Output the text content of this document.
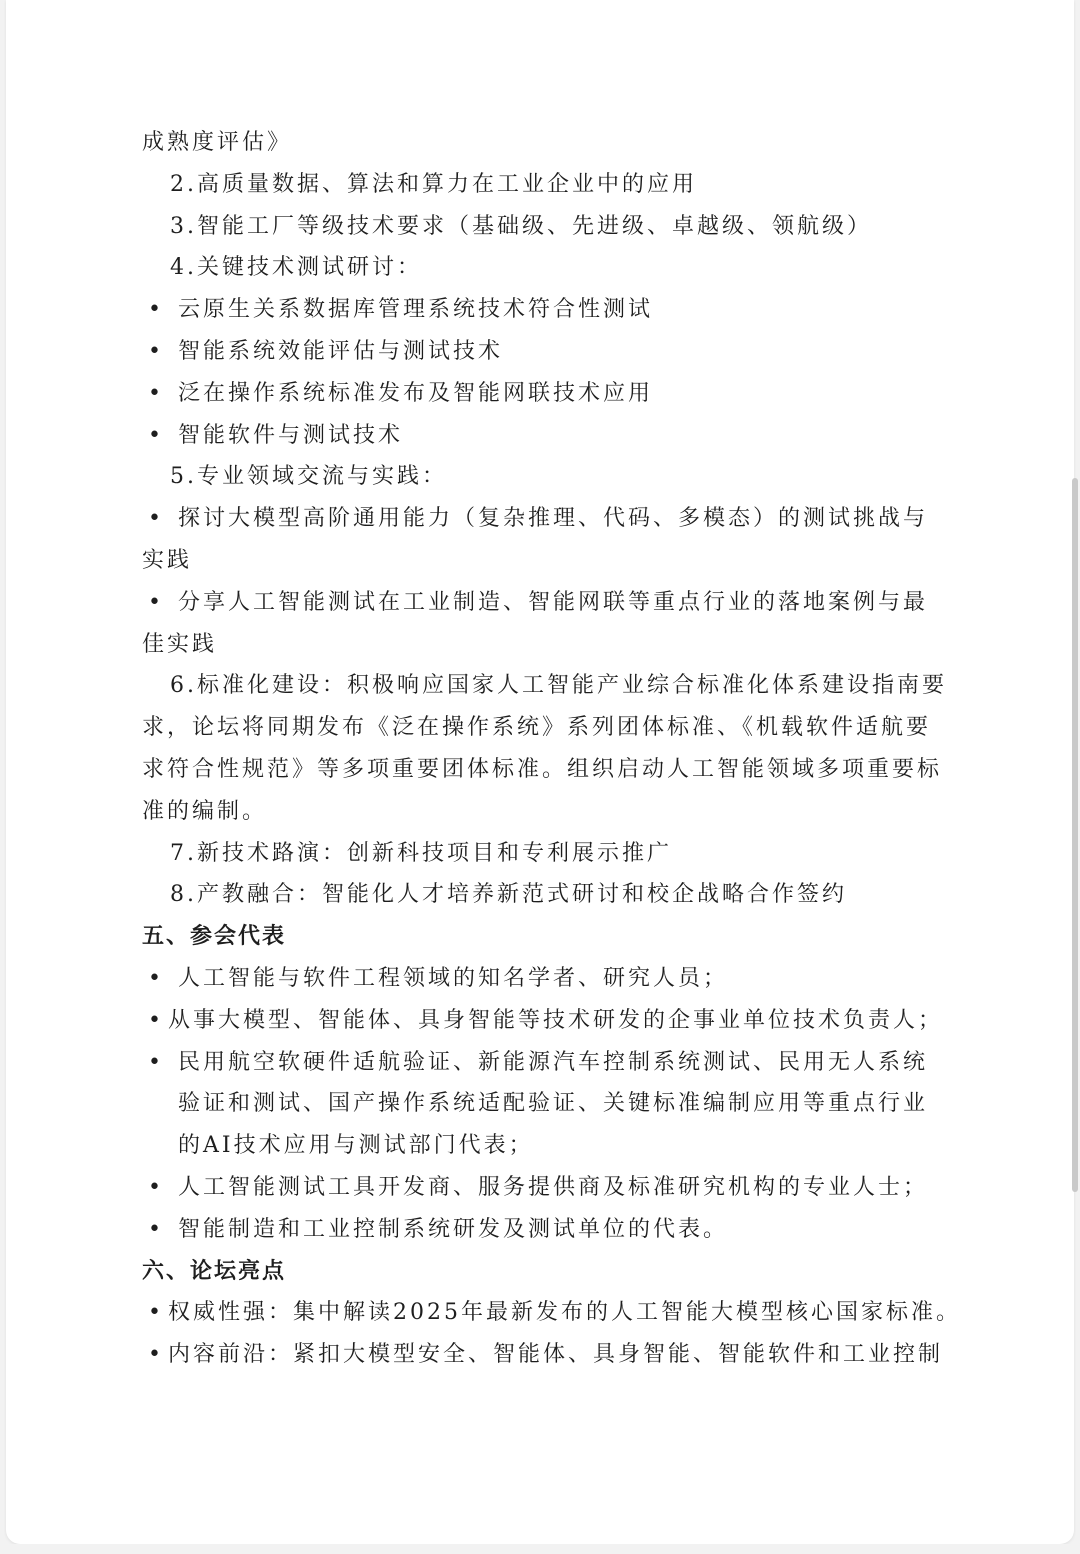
成熟度评估》
2.高质量数据、算法和算力在工业企业中的应用
3.智能工厂等级技术要求（基础级、先进级、卓越级、领航级）
4.关键技术测试研讨：
• 云原生关系数据库管理系统技术符合性测试
• 智能系统效能评估与测试技术
• 泛在操作系统标准发布及智能网联技术应用
• 智能软件与测试技术
5.专业领域交流与实践：
• 探讨大模型高阶通用能力（复杂推理、代码、多模态）的测试挑战与
实践
• 分享人工智能测试在工业制造、智能网联等重点行业的落地案例与最
佳实践
6.标准化建设：积极响应国家人工智能产业综合标准化体系建设指南要
求，论坛将同期发布《泛在操作系统》系列团体标准、《机载软件适航要
求符合性规范》等多项重要团体标准。组织启动人工智能领域多项重要标
准的编制。
7.新技术路演：创新科技项目和专利展示推广
8.产教融合：智能化人才培养新范式研讨和校企战略合作签约
五、参会代表
• 人工智能与软件工程领域的知名学者、研究人员；
• 从事大模型、智能体、具身智能等技术研发的企事业单位技术负责人；
• 民用航空软硬件适航验证、新能源汽车控制系统测试、民用无人系统
验证和测试、国产操作系统适配验证、关键标准编制应用等重点行业
的AI技术应用与测试部门代表；
• 人工智能测试工具开发商、服务提供商及标准研究机构的专业人士；
• 智能制造和工业控制系统研发及测试单位的代表。
六、论坛亮点
• 权威性强：集中解读2025年最新发布的人工智能大模型核心国家标准。
• 内容前沿：紧扣大模型安全、智能体、具身智能、智能软件和工业控制
